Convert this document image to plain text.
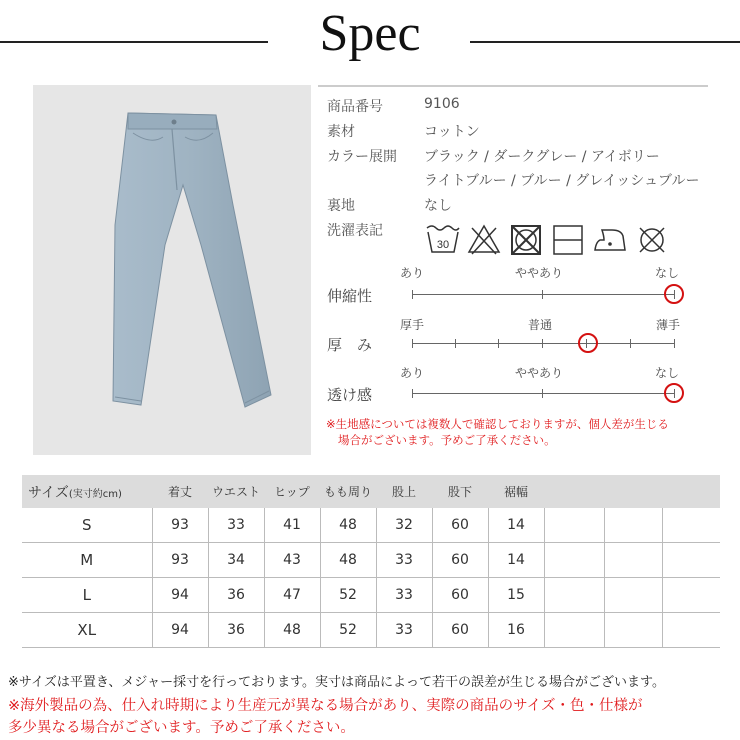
Spec
商品番号	9106
素材	コットン
カラー展開 ブラック / ダークグレー / アイボリー
ライトブルー / ブルー / グレイッシュブルー
裏地	なし
洗濯表記
30
あり	ややあり	なし
伸縮性
厚手	普通	薄手
厚　み
あり	ややあり	なし
透け感
※生地感については複数人で確認しておりますが、個人差が生じる
場合がございます。予めご了承ください。
サイズ(実寸約cm)	着丈	ウエスト	ヒップ	もも周り	股上	股下	裾幅			
S	93	33	41	48	32	60	14			
M	93	34	43	48	33	60	14			
L	94	36	47	52	33	60	15			
XL	94	36	48	52	33	60	16			
※サイズは平置き、メジャー採寸を行っております。実寸は商品によって若干の誤差が生じる場合がございます。
※海外製品の為、仕入れ時期により生産元が異なる場合があり、実際の商品のサイズ・色・仕様が
多少異なる場合がございます。予めご了承ください。
